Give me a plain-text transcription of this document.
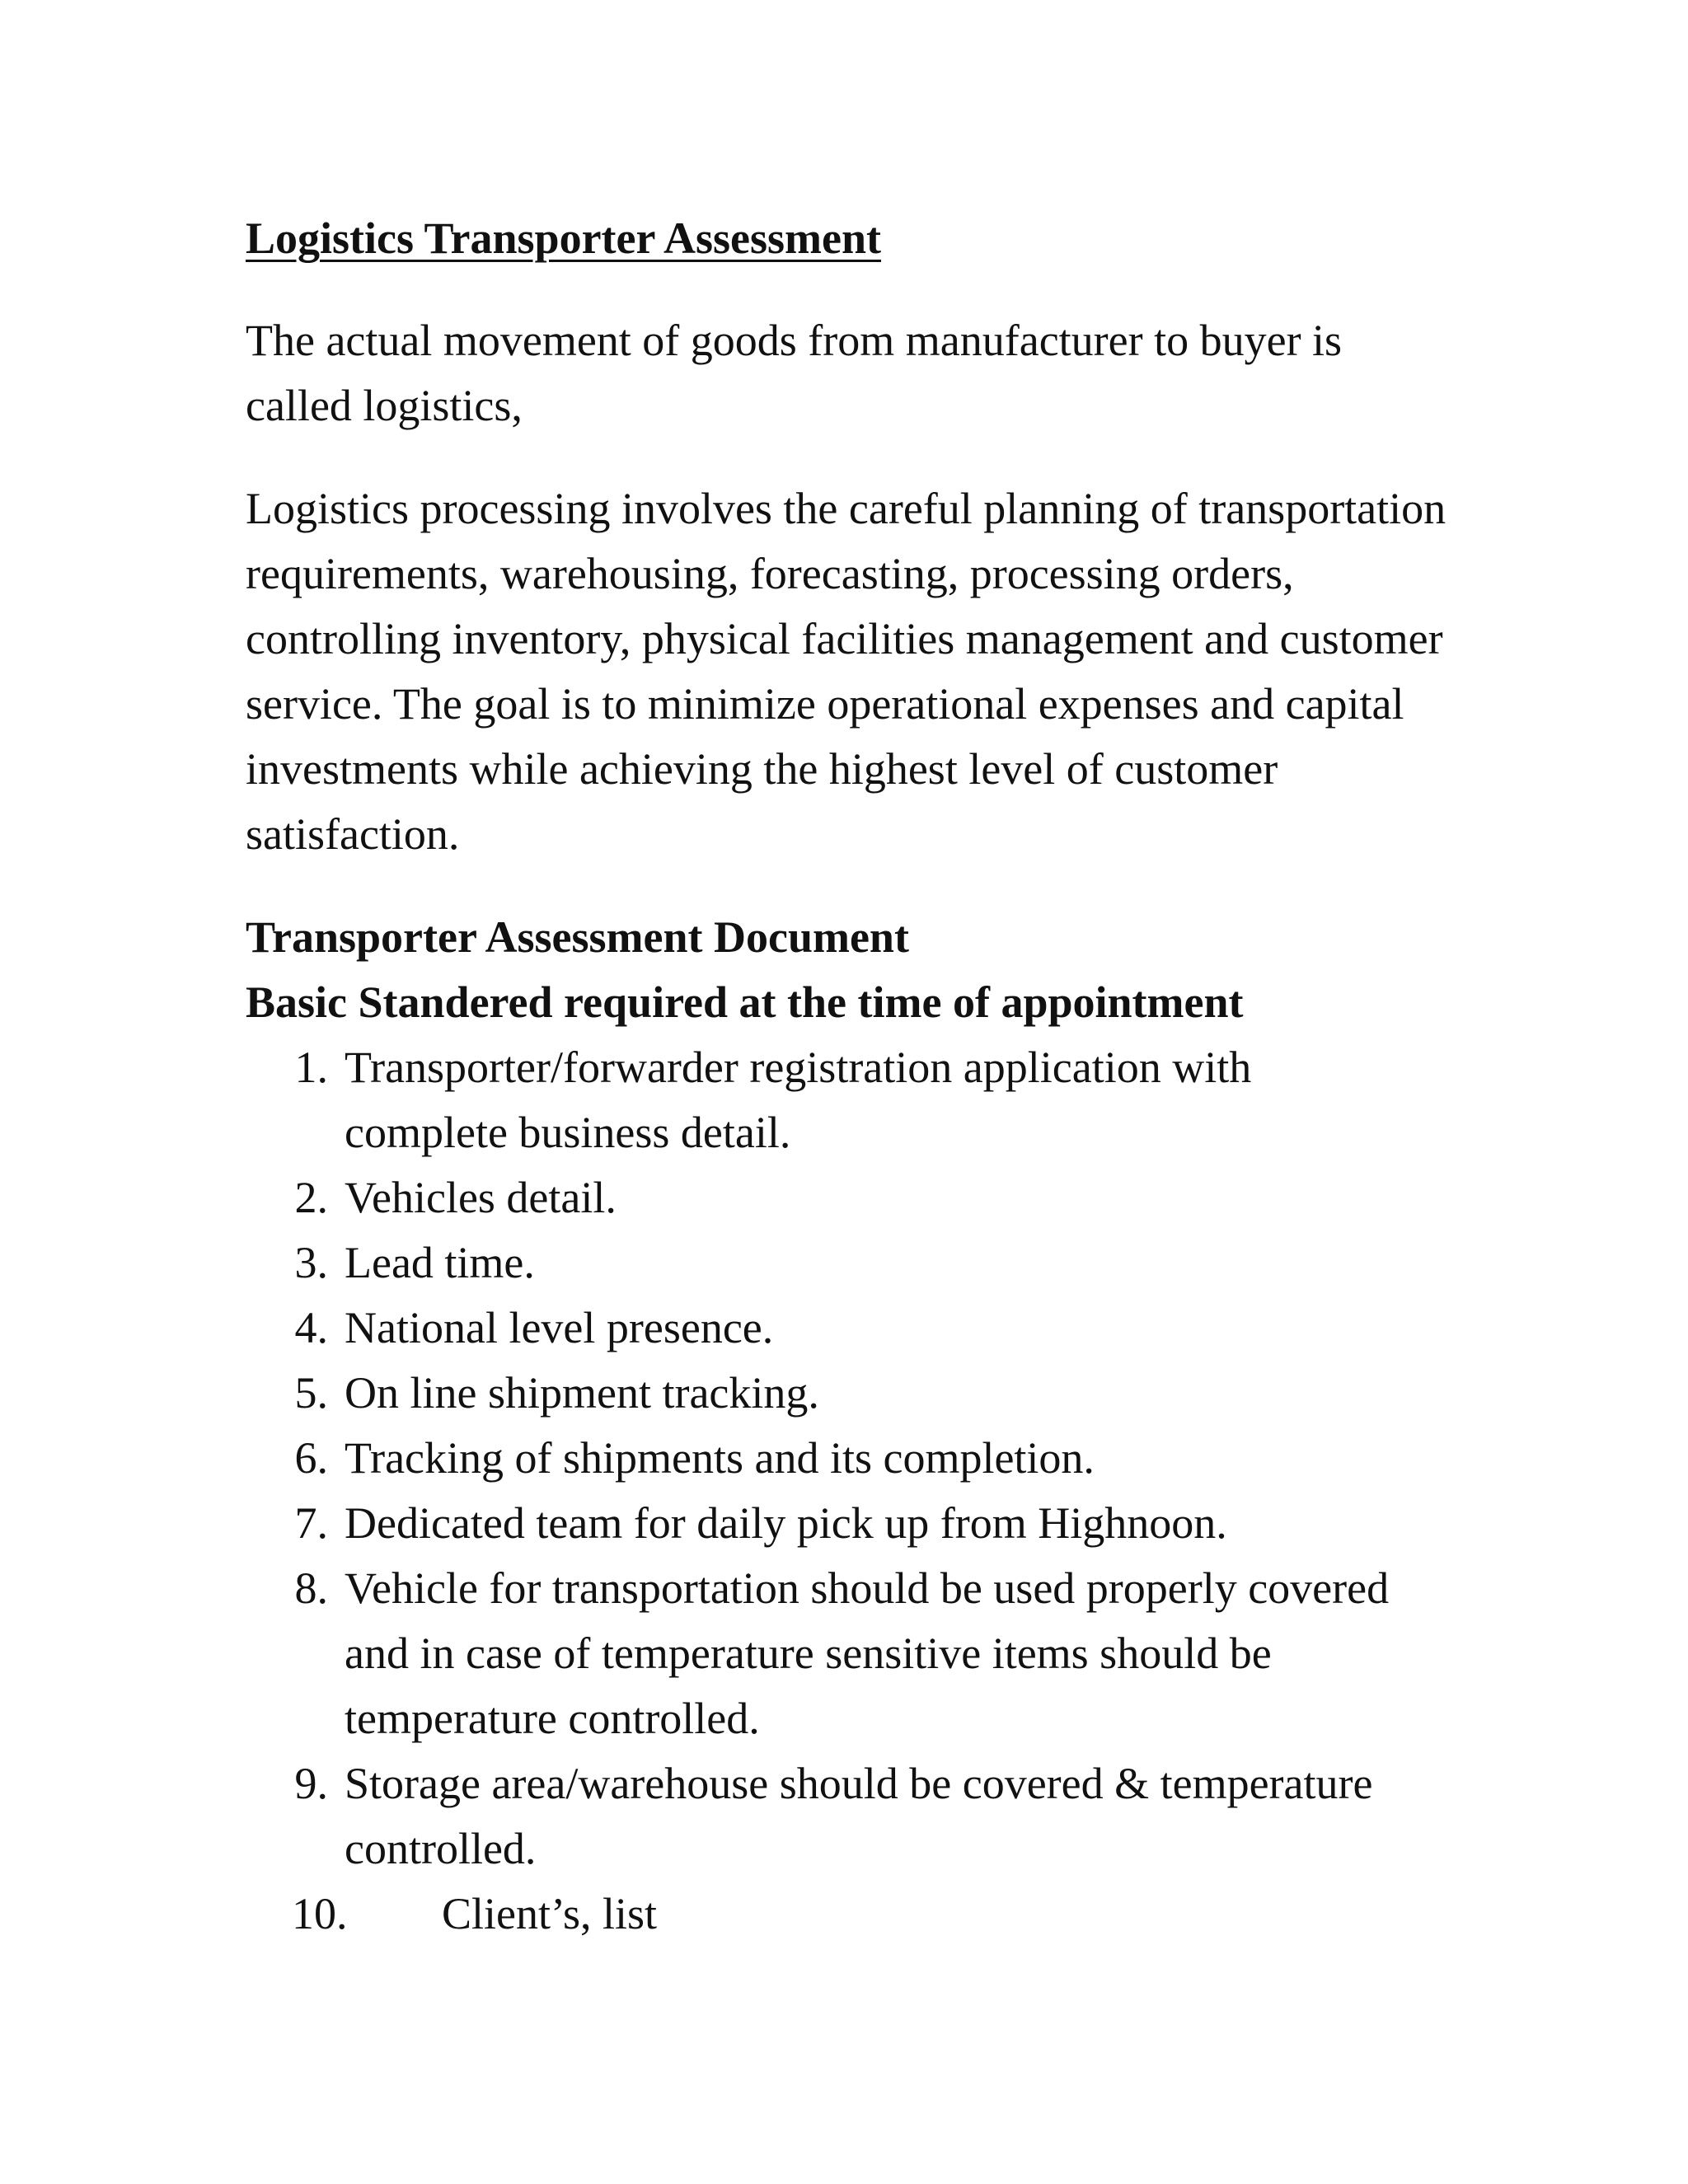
Logistics Transporter Assessment

The actual movement of goods from manufacturer to buyer is called logistics,

Logistics processing involves the careful planning of transportation requirements, warehousing, forecasting, processing orders, controlling inventory, physical facilities management and customer service. The goal is to minimize operational expenses and capital investments while achieving the highest level of customer satisfaction.

Transporter Assessment Document
Basic Standered required at the time of appointment
1. Transporter/forwarder registration application with complete business detail.
2. Vehicles detail.
3. Lead time.
4. National level presence.
5. On line shipment tracking.
6. Tracking of shipments and its completion.
7. Dedicated team for daily pick up from Highnoon.
8. Vehicle for transportation should be used properly covered and in case of temperature sensitive items should be temperature controlled.
9. Storage area/warehouse should be covered & temperature controlled.
10. Client’s, list
